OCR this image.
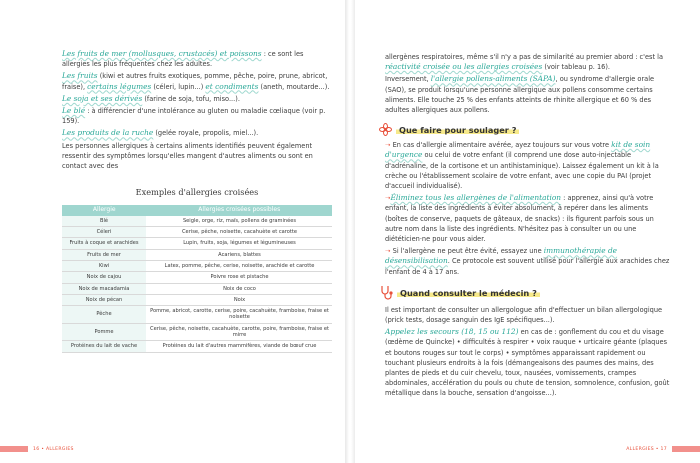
Les fruits de mer (mollusques, crustacés) et poissons : ce sont les allergies les plus fréquentes chez les adultes.

Les fruits (kiwi et autres fruits exotiques, pomme, pêche, poire, prune, abricot, fraise), certains légumes (céleri, lupin...) et condiments (aneth, moutarde...).

Le soja et ses dérivés (farine de soja, tofu, miso...).

Le blé : à différencier d'une intolérance au gluten ou maladie cœliaque (voir p. 159).

Les produits de la ruche (gelée royale, propolis, miel...).

Les personnes allergiques à certains aliments identifiés peuvent également ressentir des symptômes lorsqu'elles mangent d'autres aliments ou sont en contact avec des

Exemples d'allergies croisées
Allergie	Allergies croisées possibles
Blé	Seigle, orge, riz, maïs, pollens de graminées
Céleri	Cerise, pêche, noisette, cacahuète et carotte
Fruits à coque et arachides	Lupin, fruits, soja, légumes et légumineuses
Fruits de mer	Acariens, blattes
Kiwi	Latex, pomme, pêche, cerise, noisette, arachide et carotte
Noix de cajou	Poivre rose et pistache
Noix de macadamia	Noix de coco
Noix de pécan	Noix
Pêche	Pomme, abricot, carotte, cerise, poire, cacahuète, framboise, fraise et noisette
Pomme	Cerise, pêche, noisette, cacahuète, carotte, poire, framboise, fraise et mirre
Protéines du lait de vache	Protéines du lait d'autres mammifères, viande de bœuf crue
16 • ALLERGIES

allergènes respiratoires, même s'il n'y a pas de similarité au premier abord : c'est la réactivité croisée ou les allergies croisées (voir tableau p. 16).

Inversement, l'allergie pollens-aliments (SAPA), ou syndrome d'allergie orale (SAO), se produit lorsqu'une personne allergique aux pollens consomme certains aliments. Elle touche 25 % des enfants atteints de rhinite allergique et 60 % des adultes allergiques aux pollens.

Que faire pour soulager ?

➝ En cas d'allergie alimentaire avérée, ayez toujours sur vous votre kit de soin d'urgence ou celui de votre enfant (il comprend une dose auto-injectable d'adrénaline, de la cortisone et un antihistaminique). Laissez également un kit à la crèche ou l'établissement scolaire de votre enfant, avec une copie du PAI (projet d'accueil individualisé).

➝Éliminez tous les allergènes de l'alimentation : apprenez, ainsi qu'à votre enfant, la liste des ingrédients à éviter absolument, à repérer dans les aliments (boîtes de conserve, paquets de gâteaux, de snacks) : ils figurent parfois sous un autre nom dans la liste des ingrédients. N'hésitez pas à consulter un ou une diététicien·ne pour vous aider.

➝ Si l'allergène ne peut être évité, essayez une immunothérapie de désensibilisation. Ce protocole est souvent utilisé pour l'allergie aux arachides chez l'enfant de 4 à 17 ans.

Quand consulter le médecin ?

Il est important de consulter un allergologue afin d'effectuer un bilan allergologique (prick tests, dosage sanguin des IgE spécifiques...).

Appelez les secours (18, 15 ou 112) en cas de : gonflement du cou et du visage (œdème de Quincke) • difficultés à respirer • voix rauque • urticaire géante (plaques et boutons rouges sur tout le corps) • symptômes apparaissant rapidement ou touchant plusieurs endroits à la fois (démangeaisons des paumes des mains, des plantes de pieds et du cuir chevelu, toux, nausées, vomissements, crampes abdominales, accélération du pouls ou chute de tension, somnolence, confusion, goût métallique dans la bouche, sensation d'angoisse...).

ALLERGIES • 17
